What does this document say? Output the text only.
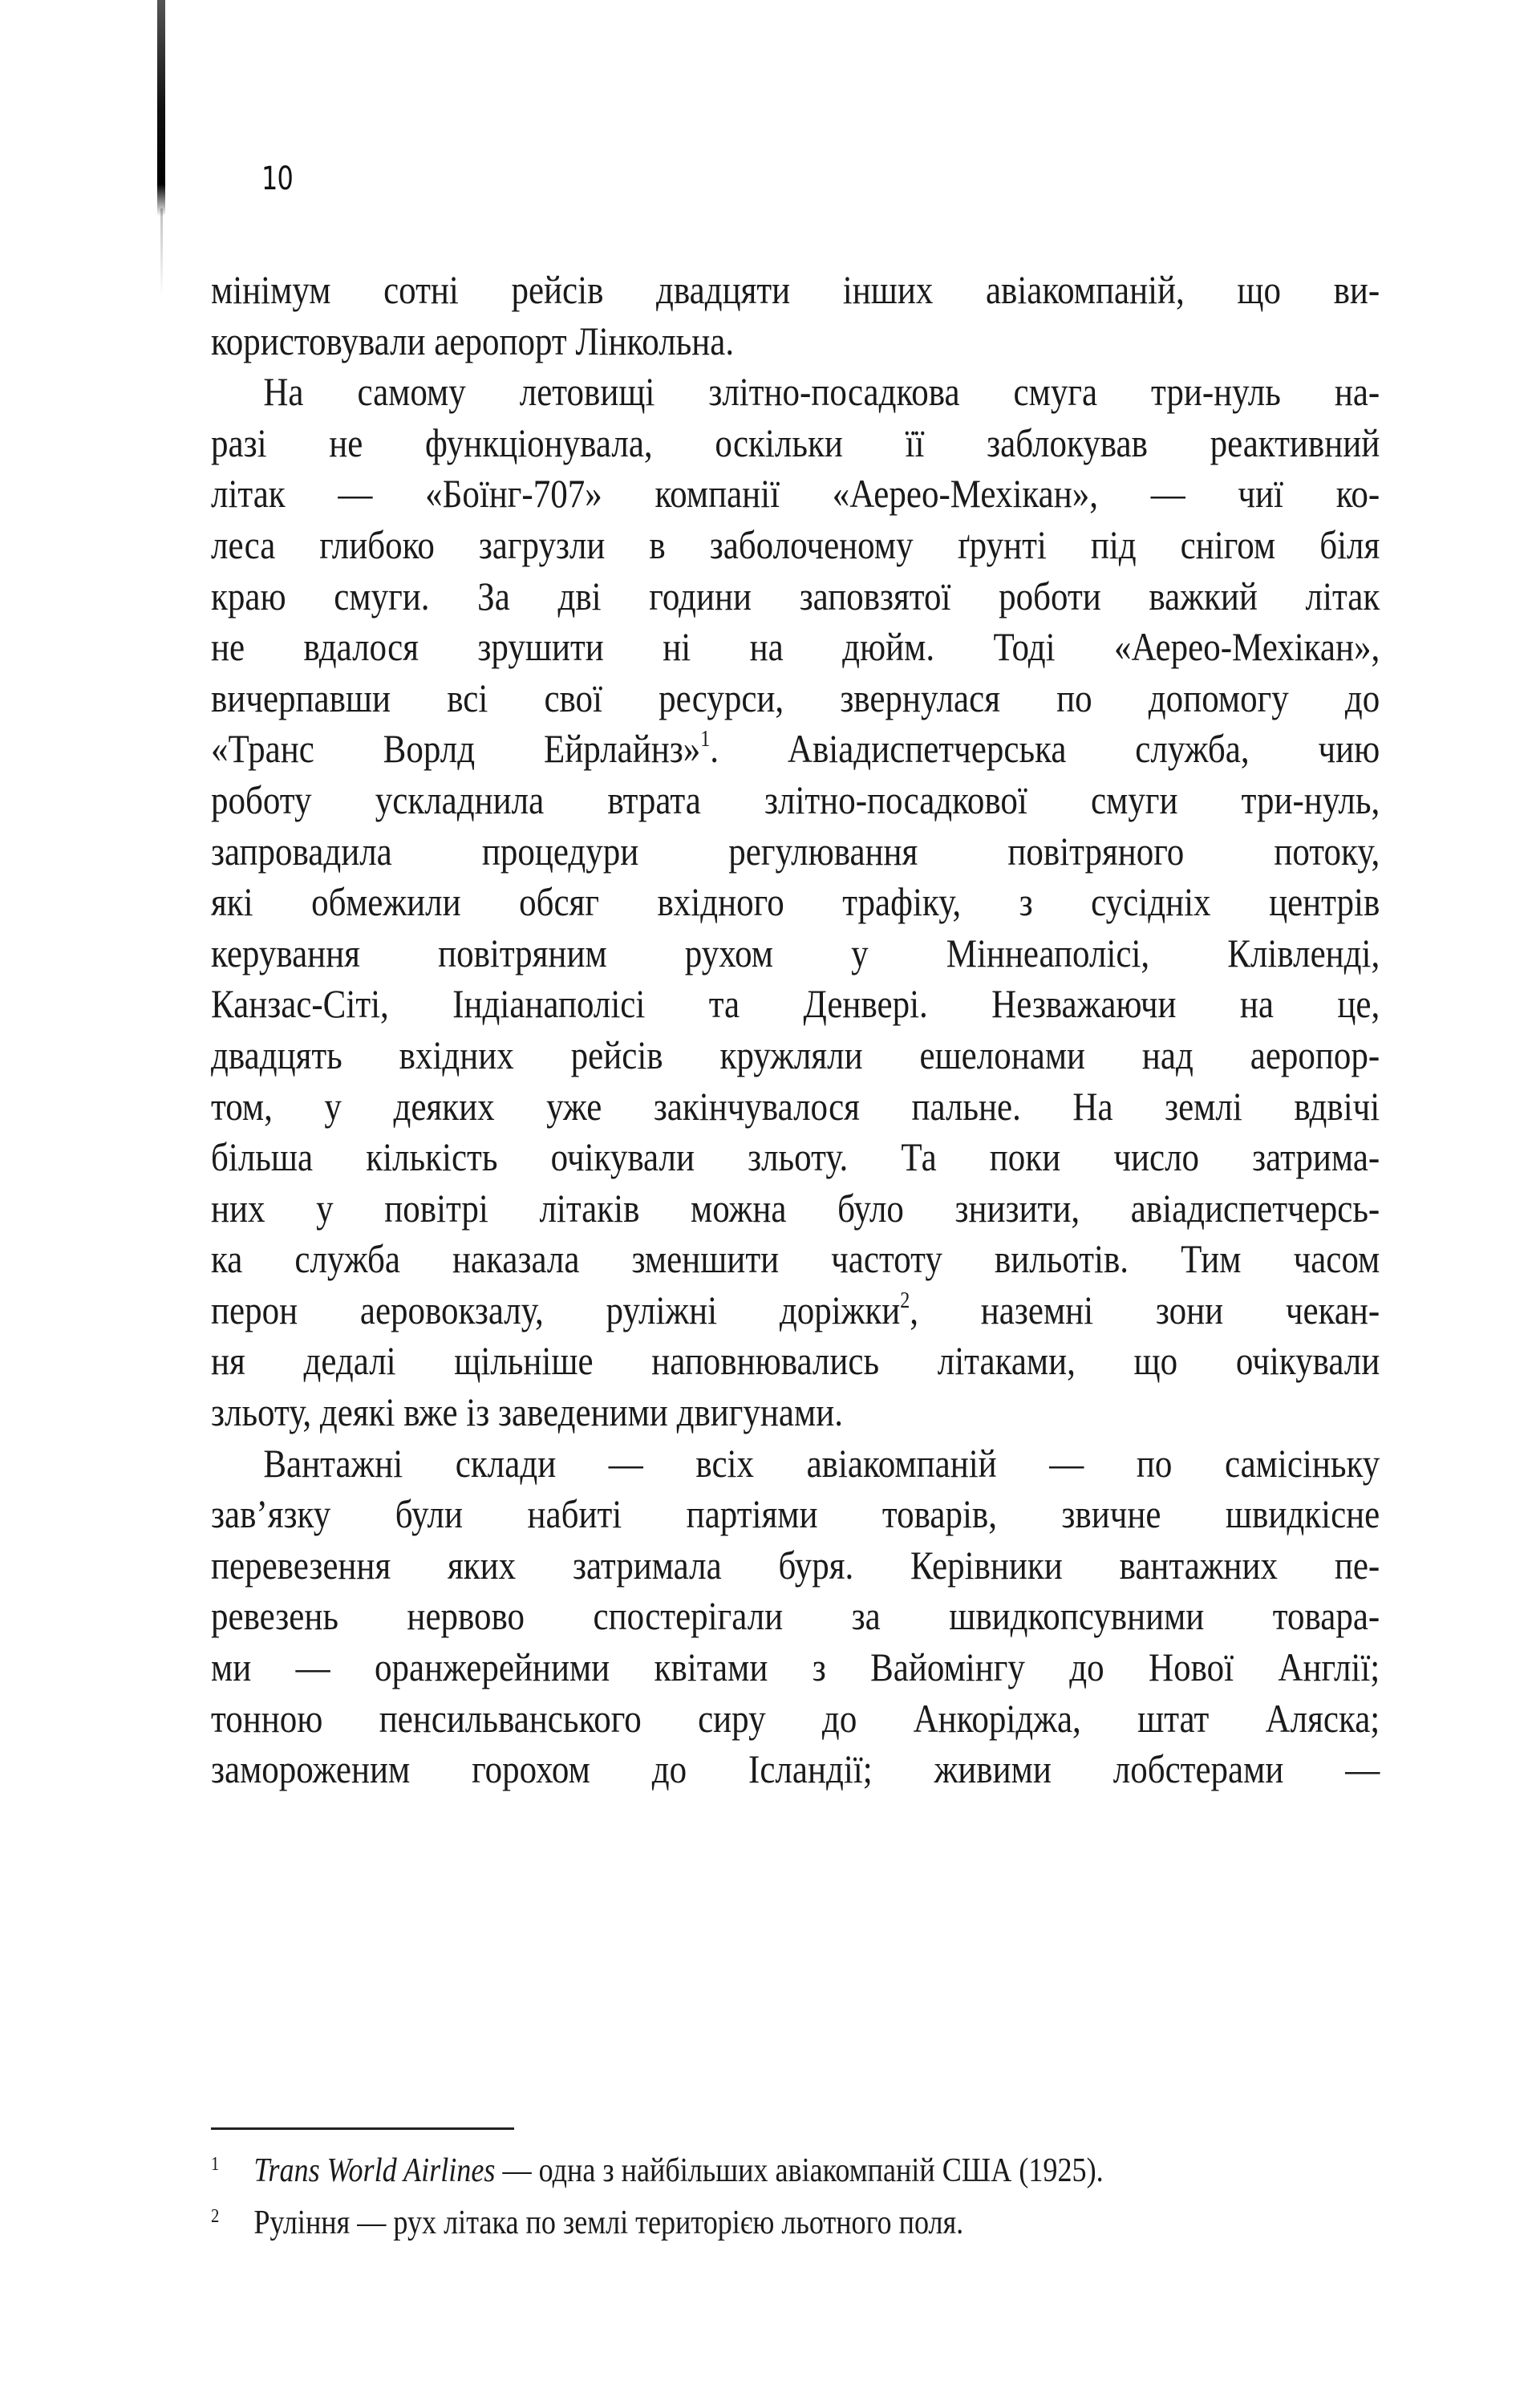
10
мінімум сотні рейсів двадцяти інших авіакомпаній, що ви-
користовували аеропорт Лінкольна.
На самому летовищі злітно-посадкова смуга три-нуль на-
разі не функціонувала, оскільки її заблокував реактивний
літак — «Боїнг-707» компанії «Аерео-Мехікан», — чиї ко-
леса глибоко загрузли в заболоченому ґрунті під снігом біля
краю смуги. За дві години заповзятої роботи важкий літак
не вдалося зрушити ні на дюйм. Тоді «Аерео-Мехікан»,
вичерпавши всі свої ресурси, звернулася по допомогу до
«Транс Ворлд Ейрлайнз»$^1$. Авіадиспетчерська служба, чию
роботу ускладнила втрата злітно-посадкової смуги три-нуль,
запровадила процедури регулювання повітряного потоку,
які обмежили обсяг вхідного трафіку, з сусідніх центрів
керування повітряним рухом у Міннеаполісі, Клівленді,
Канзас-Сіті, Індіанаполісі та Денвері. Незважаючи на це,
двадцять вхідних рейсів кружляли ешелонами над аеропор-
том, у деяких уже закінчувалося пальне. На землі вдвічі
більша кількість очікували зльоту. Та поки число затрима-
них у повітрі літаків можна було знизити, авіадиспетчерсь-
ка служба наказала зменшити частоту вильотів. Тим часом
перон аеровокзалу, руліжні доріжки$^2$, наземні зони чекан-
ня дедалі щільніше наповнювались літаками, що очікували
зльоту, деякі вже із заведеними двигунами.
Вантажні склади — всіх авіакомпаній — по самісіньку
зав’язку були набиті партіями товарів, звичне швидкісне
перевезення яких затримала буря. Керівники вантажних пе-
ревезень нервово спостерігали за швидкопсувними товара-
ми — оранжерейними квітами з Вайомінгу до Нової Англії;
тонною пенсильванського сиру до Анкоріджа, штат Аляска;
замороженим горохом до Ісландії; живими лобстерами —
1 Trans World Airlines — одна з найбільших авіакомпаній США (1925).
2 Руління — рух літака по землі територією льотного поля.
